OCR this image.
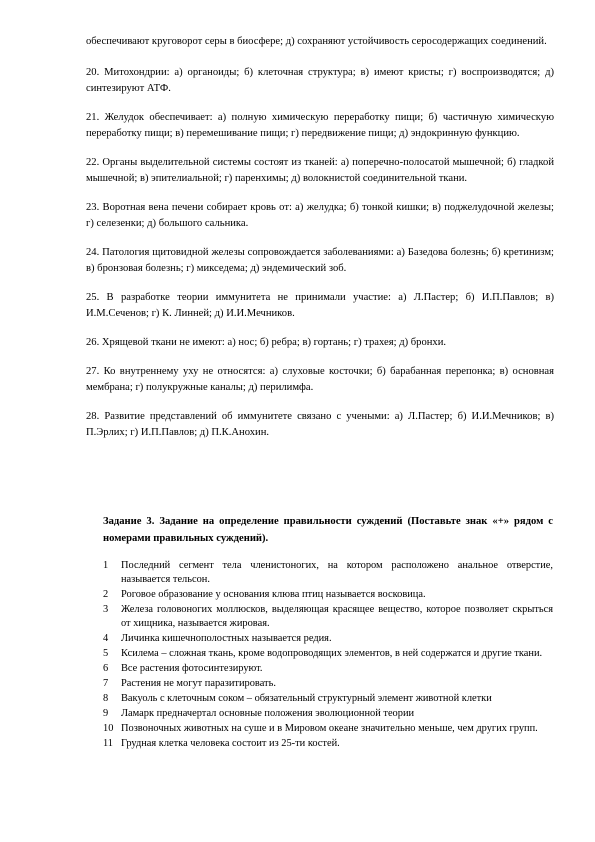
обеспечивают круговорот серы в биосфере; д) сохраняют устойчивость серосодержащих соединений.

20. Митохондрии: а) органоиды; б) клеточная структура; в) имеют кристы; г) воспроизводятся; д) синтезируют АТФ.

21. Желудок обеспечивает: а) полную химическую переработку пищи; б) частичную химическую переработку пищи; в) перемешивание пищи; г) передвижение пищи; д) эндокринную функцию.

22. Органы выделительной системы состоят из тканей: а) поперечно-полосатой мышечной; б) гладкой мышечной; в) эпителиальной; г) паренхимы; д) волокнистой соединительной ткани.

23. Воротная вена печени собирает кровь от: а) желудка; б) тонкой кишки; в) поджелудочной железы; г) селезенки; д) большого сальника.

24. Патология щитовидной железы сопровождается заболеваниями: а) Базедова болезнь; б) кретинизм; в) бронзовая болезнь; г) микседема; д) эндемический зоб.

25. В разработке теории иммунитета не принимали участие: а) Л.Пастер; б) И.П.Павлов; в) И.М.Сеченов; г) К. Линней; д) И.И.Мечников.

26. Хрящевой ткани не имеют: а) нос; б) ребра; в) гортань; г) трахея; д) бронхи.

27. Ко внутреннему уху не относятся: а) слуховые косточки; б) барабанная перепонка; в) основная мембрана; г) полукружные каналы; д) перилимфа.

28. Развитие представлений об иммунитете связано с учеными: а) Л.Пастер; б) И.И.Мечников; в) П.Эрлих; г) И.П.Павлов; д) П.К.Анохин.

Задание 3. Задание на определение правильности суждений (Поставьте знак «+» рядом с номерами правильных суждений).
1	Последний сегмент тела членистоногих, на котором расположено анальное отверстие, называется тельсон.
2	Роговое образование у основания клюва птиц называется восковица.
3	Железа головоногих моллюсков, выделяющая красящее вещество, которое позволяет скрыться от хищника, называется жировая.
4	Личинка кишечнополостных называется редия.
5	Ксилема – сложная ткань, кроме водопроводящих элементов, в ней содержатся и другие ткани.
6	Все растения фотосинтезируют.
7	Растения не могут паразитировать.
8	Вакуоль с клеточным соком – обязательный структурный элемент животной клетки
9	Ламарк предначертал основные положения эволюционной теории
10 Позвоночных животных на суше и в Мировом океане значительно меньше, чем других групп.
11 Грудная клетка человека состоит из 25-ти костей.
